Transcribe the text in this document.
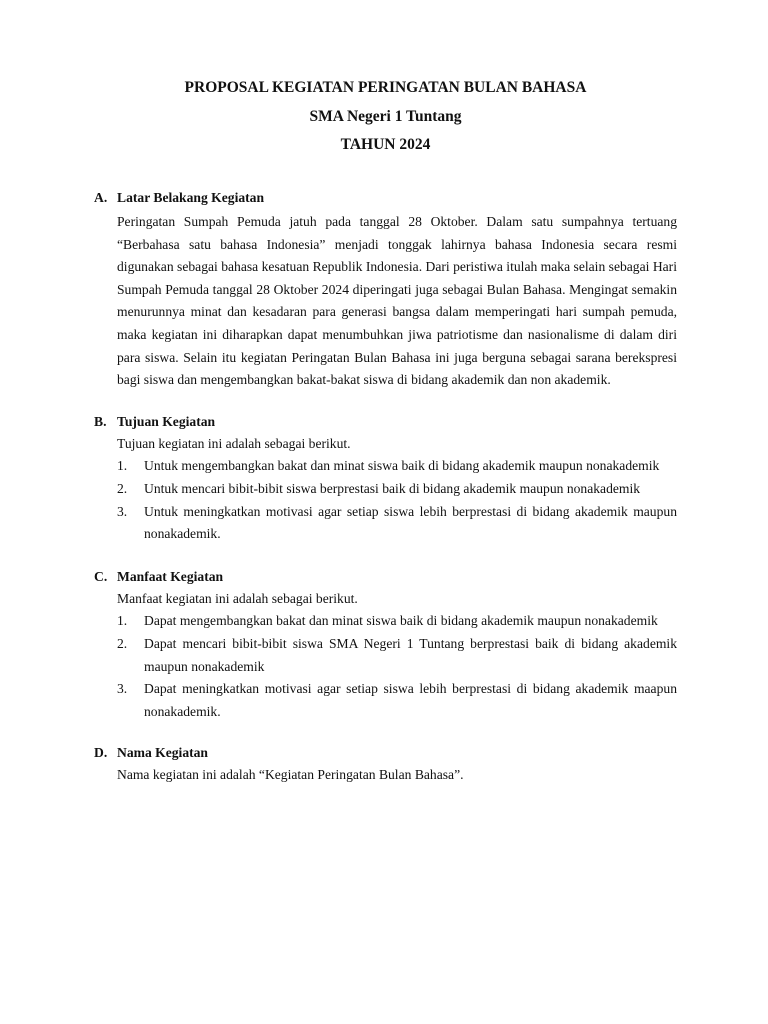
PROPOSAL KEGIATAN PERINGATAN BULAN BAHASA
SMA Negeri 1 Tuntang
TAHUN 2024
A. Latar Belakang Kegiatan
Peringatan Sumpah Pemuda jatuh pada tanggal 28 Oktober. Dalam satu sumpahnya tertuang “Berbahasa satu bahasa Indonesia” menjadi tonggak lahirnya bahasa Indonesia secara resmi digunakan sebagai bahasa kesatuan Republik Indonesia. Dari peristiwa itulah maka selain sebagai Hari Sumpah Pemuda tanggal 28 Oktober 2024 diperingati juga sebagai Bulan Bahasa. Mengingat semakin menurunnya minat dan kesadaran para generasi bangsa dalam memperingati hari sumpah pemuda, maka kegiatan ini diharapkan dapat menumbuhkan jiwa patriotisme dan nasionalisme di dalam diri para siswa. Selain itu kegiatan Peringatan Bulan Bahasa ini juga berguna sebagai sarana berekspresi bagi siswa dan mengembangkan bakat-bakat siswa di bidang akademik dan non akademik.
B. Tujuan Kegiatan
Tujuan kegiatan ini adalah sebagai berikut.
1.	Untuk mengembangkan bakat dan minat siswa baik di bidang akademik maupun nonakademik
2.	Untuk mencari bibit-bibit siswa berprestasi baik di bidang akademik maupun nonakademik
3.	Untuk meningkatkan motivasi agar setiap siswa lebih berprestasi di bidang akademik maupun nonakademik.
C. Manfaat Kegiatan
Manfaat kegiatan ini adalah sebagai berikut.
1.	Dapat mengembangkan bakat dan minat siswa baik di bidang akademik maupun nonakademik
2.	Dapat mencari bibit-bibit siswa SMA Negeri 1 Tuntang berprestasi baik di bidang akademik maupun nonakademik
3.	Dapat meningkatkan motivasi agar setiap siswa lebih berprestasi di bidang akademik maapun nonakademik.
D. Nama Kegiatan
Nama kegiatan ini adalah “Kegiatan Peringatan Bulan Bahasa”.
